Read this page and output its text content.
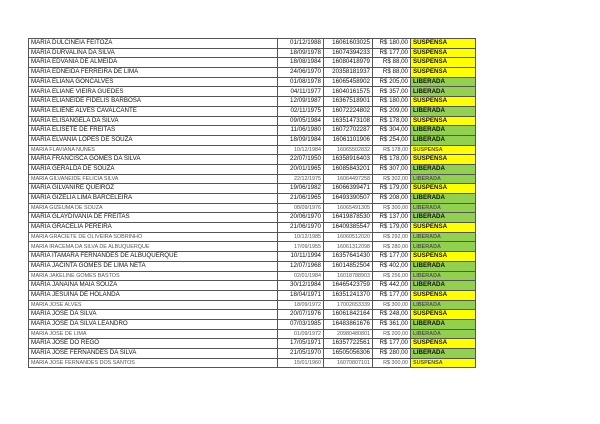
MARIA DULCINEIA FEITOZA	01/12/1988	16061603025	R$ 180,00	SUSPENSA
MARIA DURVALINA DA SILVA	18/09/1978	16074394233	R$ 177,00	SUSPENSA
MARIA EDVANIA DE ALMEIDA	18/08/1984	16080418979	R$ 88,00	SUSPENSA
MARIA EDNEIDA FERREIRA DE LIMA	24/06/1970	20358181937	R$ 88,00	SUSPENSA
MARIA ELIANA GONCALVES	01/08/1978	16065458902	R$ 205,00	LIBERADA
MARIA ELIANE VIEIRA GUEDES	04/11/1977	16040161575	R$ 357,00	LIBERADA
MARIA ELIANEIDE FIDELIS BARBOSA	12/09/1987	16367518901	R$ 180,00	SUSPENSA
MARIA ELIENE ALVES CAVALCANTE	02/11/1975	16072224802	R$ 209,00	LIBERADA
MARIA ELISANGELA DA SILVA	09/05/1984	16351473108	R$ 178,00	SUSPENSA
MARIA ELISETE DE FREITAS	11/06/1980	16072702287	R$ 304,00	LIBERADA
MARIA ELVANIA LOPES DE SOUZA	18/09/1984	16061101906	R$ 254,00	LIBERADA
MARIA FLAVIANA NUNES	10/12/1984	16065502832	R$ 178,00	SUSPENSA
MARIA FRANCISCA GOMES DA SILVA	22/07/1950	16358916403	R$ 178,00	SUSPENSA
MARIA GERALDA DE SOUZA	20/01/1965	16085843201	R$ 307,00	LIBERADA
MARIA GILVANEIDE FELICIA SILVA	22/12/1975	16064497258	R$ 302,00	LIBERADA
MARIA GILVANIRE QUEIROZ	19/06/1982	16066399471	R$ 179,00	SUSPENSA
MARIA GIZELIA LIMA BARCELEIRA	21/06/1965	16493390507	R$ 208,00	LIBERADA
MARIA GIZEUMA DE SOUZA	08/09/1976	16065491305	R$ 300,00	LIBERADA
MARIA GLAYDIVANIA DE FREITAS	20/06/1970	16419878530	R$ 137,00	LIBERADA
MARIA GRACELIA PEREIRA	21/06/1970	16409385547	R$ 179,00	SUSPENSA
MARIA GRACIETE DE OLIVEIRA SOBRINHO	10/12/1985	16060512020	R$ 292,00	LIBERADA
MARIA IRACEMA DA SILVA DE ALBUQUERQUE	17/09/1955	16061312098	R$ 280,00	LIBERADA
MARIA ITAMARA FERNANDES DE ALBUQUERQUE	10/11/1994	16357641430	R$ 177,00	SUSPENSA
MARIA JACINTA GOMES DE LIMA NETA	12/07/1968	16014852504	R$ 402,00	LIBERADA
MARIA JAKELINE GOMES BASTOS	02/01/1984	16018788903	R$ 256,00	LIBERADA
MARIA JANAINA MAIA SOUZA	30/12/1984	16465423759	R$ 442,00	LIBERADA
MARIA JESUINA DE HOLANDA	18/04/1971	16351241370	R$ 177,00	SUSPENSA
MARIA JOSE ALVES	18/09/1972	17002653339	R$ 300,00	LIBERADA
MARIA JOSE DA SILVA	20/07/1976	16061842164	R$ 248,00	SUSPENSA
MARIA JOSE DA SILVA LEANDRO	07/03/1985	16483861676	R$ 361,00	LIBERADA
MARIA JOSE DE LIMA	01/09/1972	20980480801	R$ 200,00	LIBERADA
MARIA JOSE DO REGO	17/05/1971	16357722561	R$ 177,00	SUSPENSA
MARIA JOSE FERNANDES DA SILVA	21/05/1970	16505056306	R$ 280,00	LIBERADA
MARIA JOSE FERNANDES DOS SANTOS	15/01/1960	16070807101	R$ 300,00	SUSPENSA
